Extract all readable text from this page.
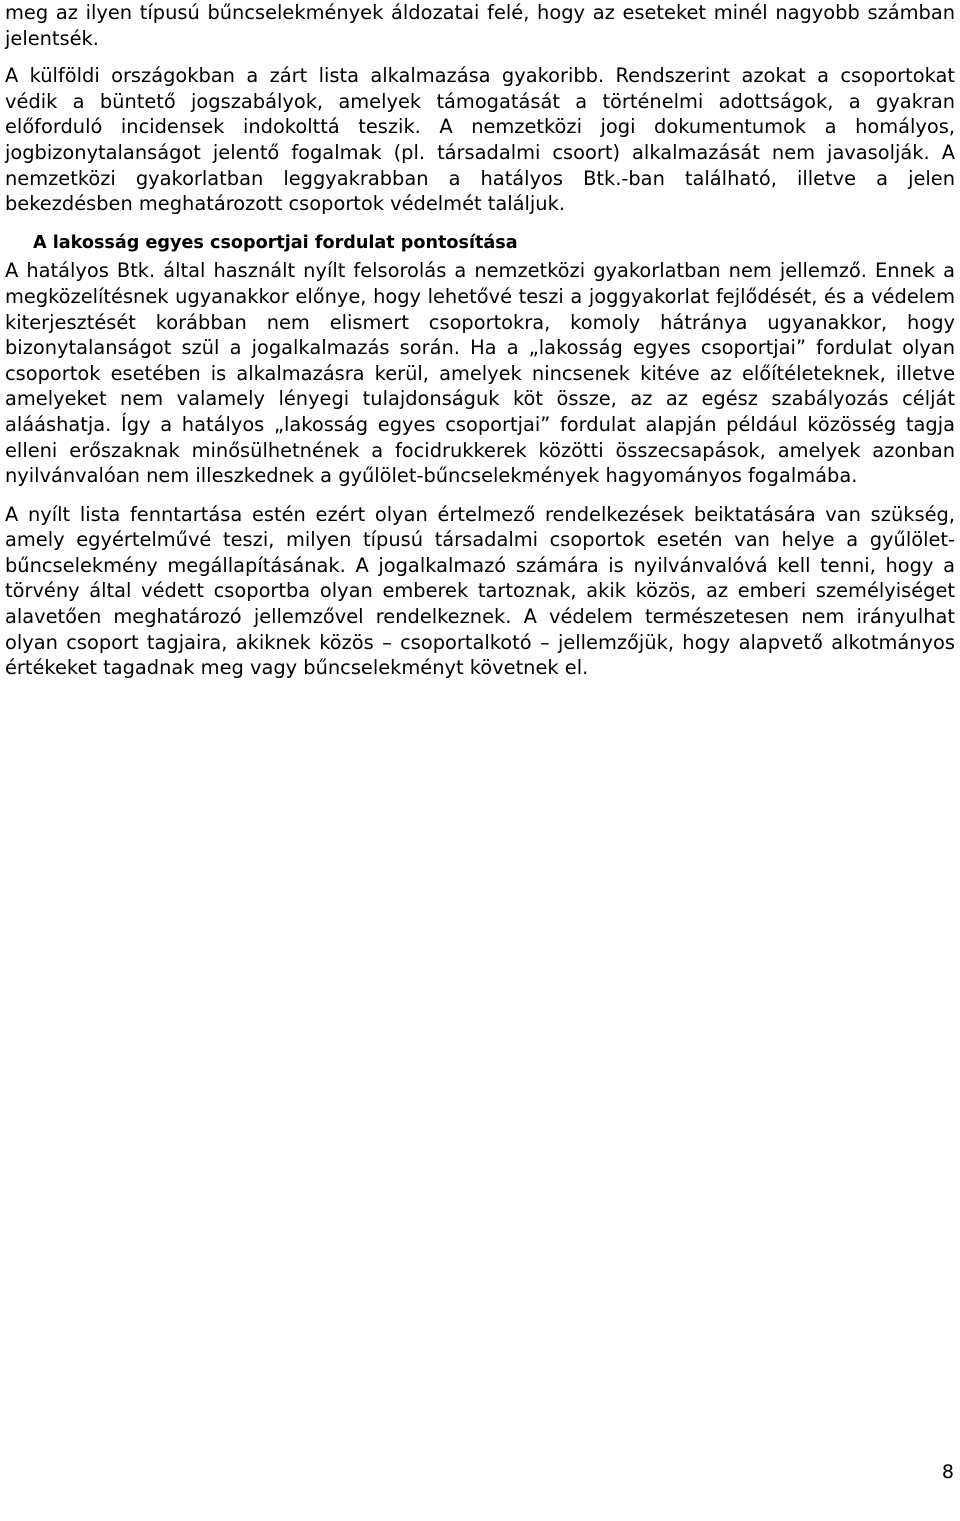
meg az ilyen típusú bűncselekmények áldozatai felé, hogy az eseteket minél nagyobb számban jelentsék.

A külföldi országokban a zárt lista alkalmazása gyakoribb. Rendszerint azokat a csoportokat védik a büntető jogszabályok, amelyek támogatását a történelmi adottságok, a gyakran előforduló incidensek indokolttá teszik. A nemzetközi jogi dokumentumok a homályos, jogbizonytalanságot jelentő fogalmak (pl. társadalmi csoort) alkalmazását nem javasolják. A nemzetközi gyakorlatban leggyakrabban a hatályos Btk.-ban található, illetve a jelen bekezdésben meghatározott csoportok védelmét találjuk.

A lakosság egyes csoportjai fordulat pontosítása

A hatályos Btk. által használt nyílt felsorolás a nemzetközi gyakorlatban nem jellemző. Ennek a megközelítésnek ugyanakkor előnye, hogy lehetővé teszi a joggyakorlat fejlődését, és a védelem kiterjesztését korábban nem elismert csoportokra, komoly hátránya ugyanakkor, hogy bizonytalanságot szül a jogalkalmazás során. Ha a „lakosság egyes csoportjai” fordulat olyan csoportok esetében is alkalmazásra kerül, amelyek nincsenek kitéve az előítéleteknek, illetve amelyeket nem valamely lényegi tulajdonságuk köt össze, az az egész szabályozás célját alááshatja. Így a hatályos „lakosság egyes csoportjai” fordulat alapján például közösség tagja elleni erőszaknak minősülhetnének a focidrukkerek közötti összecsapások, amelyek azonban nyilvánvalóan nem illeszkednek a gyűlölet-bűncselekmények hagyományos fogalmába.

A nyílt lista fenntartása estén ezért olyan értelmező rendelkezések beiktatására van szükség, amely egyértelművé teszi, milyen típusú társadalmi csoportok esetén van helye a gyűlölet-bűncselekmény megállapításának. A jogalkalmazó számára is nyilvánvalóvá kell tenni, hogy a törvény által védett csoportba olyan emberek tartoznak, akik közös, az emberi személyiséget alavetően meghatározó jellemzővel rendelkeznek. A védelem természetesen nem irányulhat olyan csoport tagjaira, akiknek közös – csoportalkotó – jellemzőjük, hogy alapvető alkotmányos értékeket tagadnak meg vagy bűncselekményt követnek el.

8
